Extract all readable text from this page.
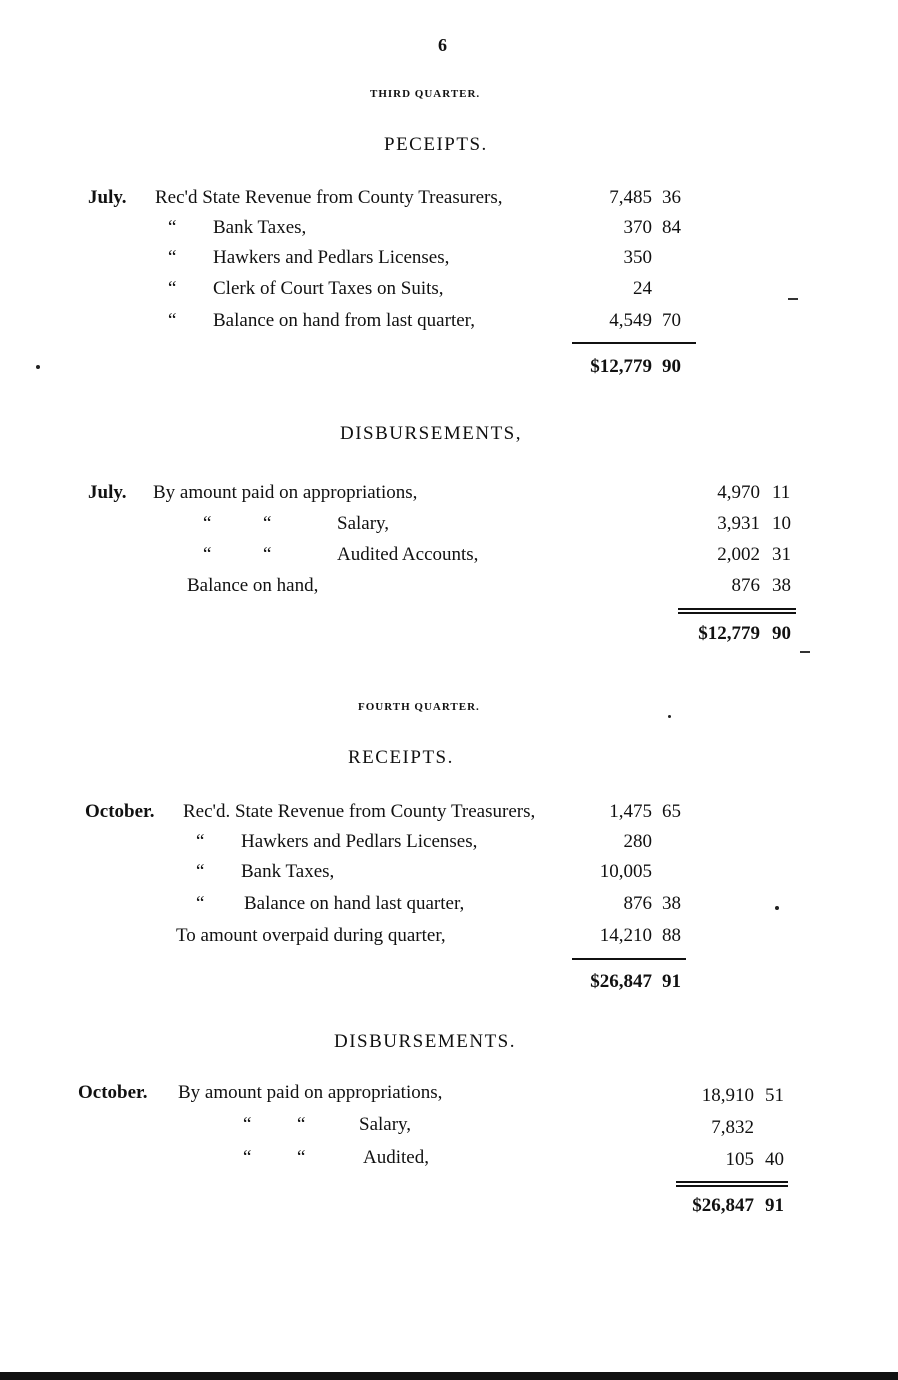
6
THIRD QUARTER.
PECEIPTS.
July. Rec'd State Revenue from County Treasurers,	7,485 36
“ Bank Taxes,	370 84
“ Hawkers and Pedlars Licenses,	350
“ Clerk of Court Taxes on Suits,	24
“ Balance on hand from last quarter,	4,549 70
$12,779 90
DISBURSEMENTS,
July. By amount paid on appropriations,	4,970 11
“	“	Salary,	3,931 10
“	“	Audited Accounts,	2,002 31
Balance on hand,	876 38
$12,779 90
FOURTH QUARTER.
RECEIPTS.
October. Rec'd. State Revenue from County Treasurers,	1,475 65
“ Hawkers and Pedlars Licenses,	280
“ Bank Taxes,	10,005
“ Balance on hand last quarter,	876 38
To amount overpaid during quarter,	14,210 88
$26,847 91
DISBURSEMENTS.
October. By amount paid on appropriations,	18,910 51
“ “	Salary,	7,832
“ “	Audited,	105 40
$26,847 91
